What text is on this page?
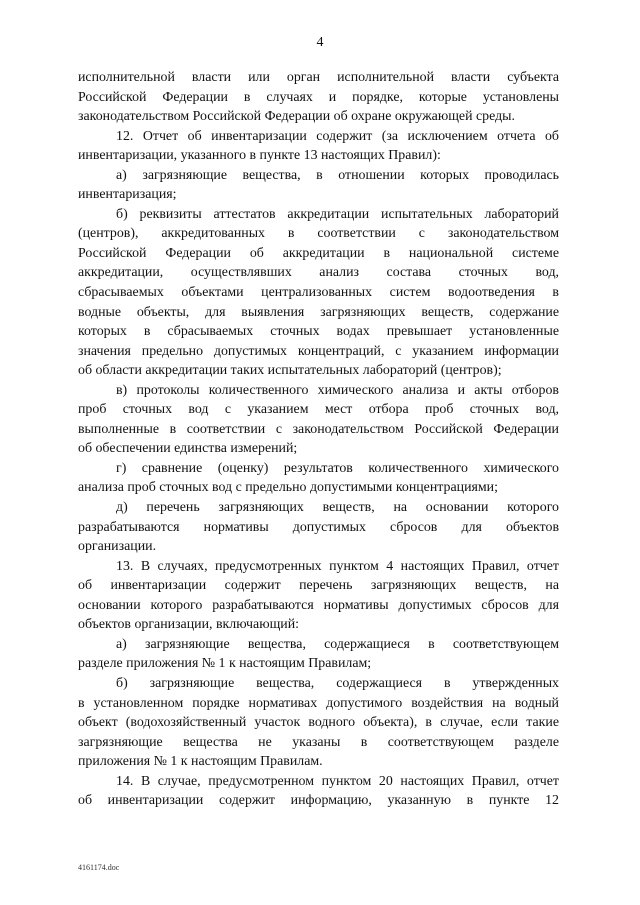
4
исполнительной власти или орган исполнительной власти субъекта
Российской Федерации в случаях и порядке, которые установлены
законодательством Российской Федерации об охране окружающей среды.
12. Отчет об инвентаризации содержит (за исключением отчета об
инвентаризации, указанного в пункте 13 настоящих Правил):
а) загрязняющие вещества, в отношении которых проводилась
инвентаризация;
б) реквизиты аттестатов аккредитации испытательных лабораторий
(центров), аккредитованных в соответствии с законодательством
Российской Федерации об аккредитации в национальной системе
аккредитации, осуществлявших анализ состава сточных вод,
сбрасываемых объектами централизованных систем водоотведения в
водные объекты, для выявления загрязняющих веществ, содержание
которых в сбрасываемых сточных водах превышает установленные
значения предельно допустимых концентраций, с указанием информации
об области аккредитации таких испытательных лабораторий (центров);
в) протоколы количественного химического анализа и акты отборов
проб сточных вод с указанием мест отбора проб сточных вод,
выполненные в соответствии с законодательством Российской Федерации
об обеспечении единства измерений;
г) сравнение (оценку) результатов количественного химического
анализа проб сточных вод с предельно допустимыми концентрациями;
д) перечень загрязняющих веществ, на основании которого
разрабатываются нормативы допустимых сбросов для объектов
организации.
13. В случаях, предусмотренных пунктом 4 настоящих Правил, отчет
об инвентаризации содержит перечень загрязняющих веществ, на
основании которого разрабатываются нормативы допустимых сбросов для
объектов организации, включающий:
а) загрязняющие вещества, содержащиеся в соответствующем
разделе приложения № 1 к настоящим Правилам;
б) загрязняющие вещества, содержащиеся в утвержденных
в установленном порядке нормативах допустимого воздействия на водный
объект (водохозяйственный участок водного объекта), в случае, если такие
загрязняющие вещества не указаны в соответствующем разделе
приложения № 1 к настоящим Правилам.
14. В случае, предусмотренном пунктом 20 настоящих Правил, отчет
об инвентаризации содержит информацию, указанную в пункте 12
4161174.doc
